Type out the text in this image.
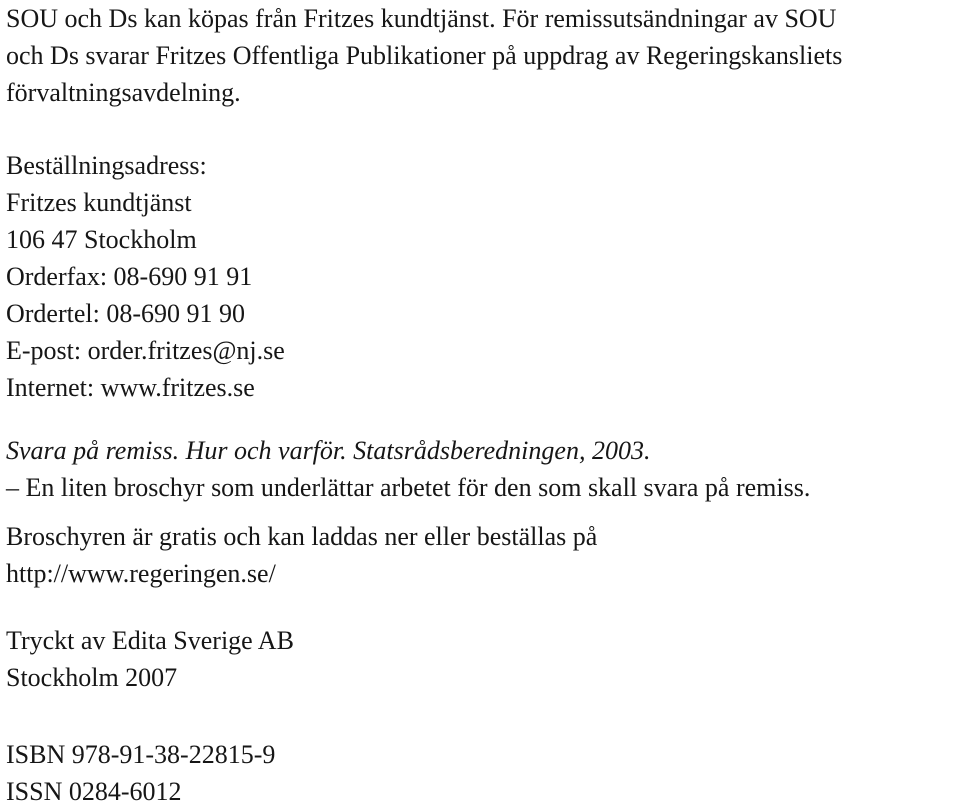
SOU och Ds kan köpas från Fritzes kundtjänst. För remissutsändningar av SOU
och Ds svarar Fritzes Offentliga Publikationer på uppdrag av Regeringskansliets
förvaltningsavdelning.
Beställningsadress:
Fritzes kundtjänst
106 47 Stockholm
Orderfax: 08-690 91 91
Ordertel: 08-690 91 90
E-post: order.fritzes@nj.se
Internet: www.fritzes.se
Svara på remiss. Hur och varför. Statsrådsberedningen, 2003.
– En liten broschyr som underlättar arbetet för den som skall svara på remiss.
Broschyren är gratis och kan laddas ner eller beställas på
http://www.regeringen.se/
Tryckt av Edita Sverige AB
Stockholm 2007
ISBN 978-91-38-22815-9
ISSN 0284-6012
